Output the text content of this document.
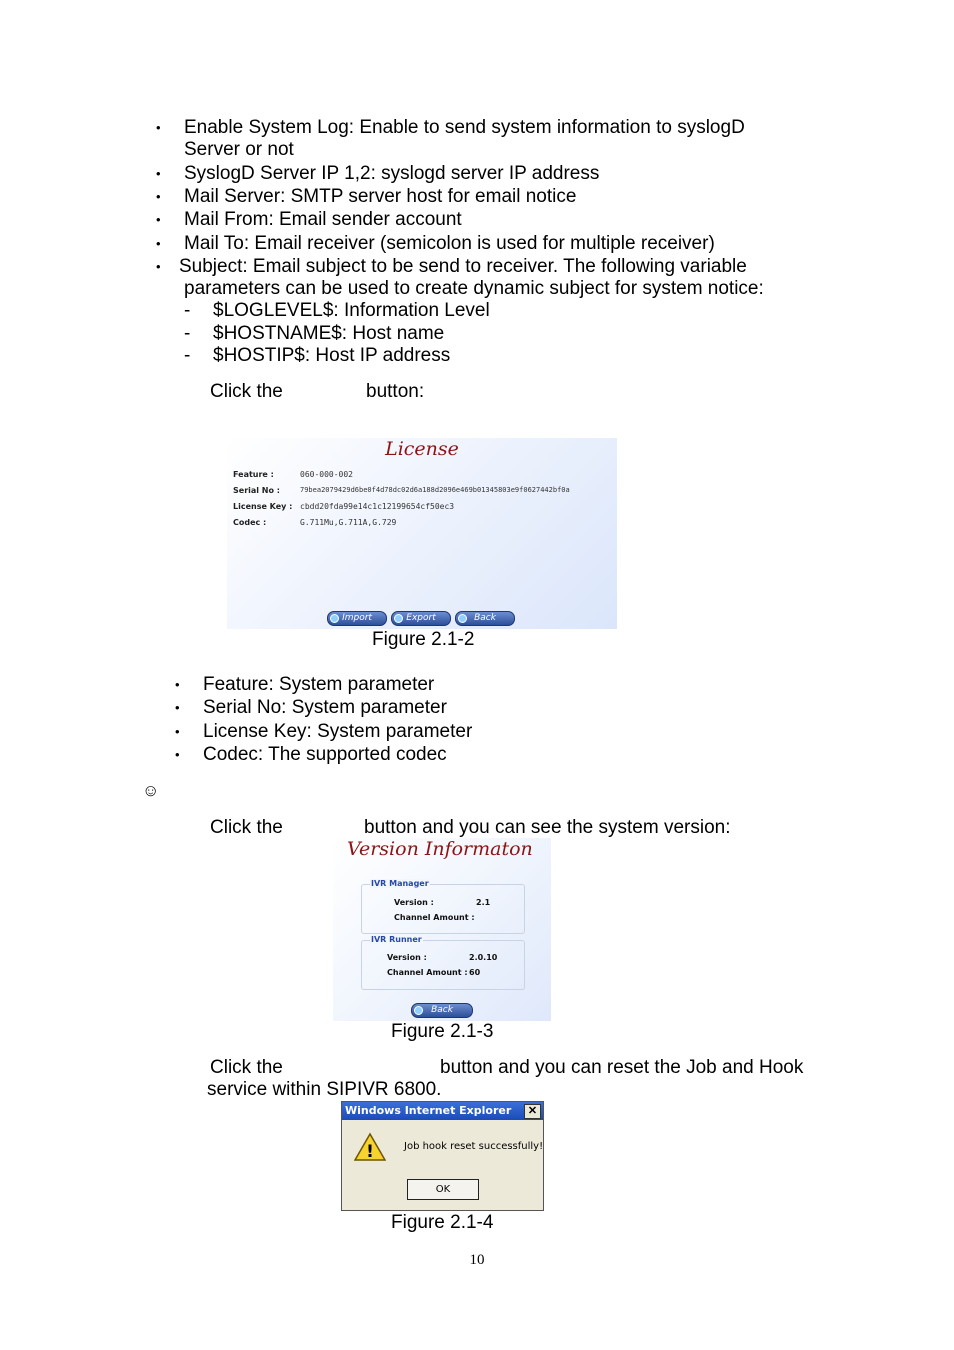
• Enable System Log: Enable to send system information to syslogD
Server or not
• SyslogD Server IP 1,2: syslogd server IP address
• Mail Server: SMTP server host for email notice
• Mail From: Email sender account
• Mail To: Email receiver (semicolon is used for multiple receiver)
• Subject: Email subject to be send to receiver. The following variable
parameters can be used to create dynamic subject for system notice:
- $LOGLEVEL$: Information Level
- $HOSTNAME$: Host name
- $HOSTIP$: Host IP address
Click the	button:
License
Feature :	060-000-002
Serial No :	79bea2079429d6be0f4d78dc02d6a188d2096e469b01345803e9f0627442bf0a
License Key : cbdd20fda99e14c1c12199654cf50ec3
Codec :	G.711Mu,G.711A,G.729
Import	Export	Back
Figure 2.1-2
• Feature: System parameter
• Serial No: System parameter
• License Key: System parameter
• Codec: The supported codec
☺
Click the	button and you can see the system version:
Version Informaton
IVR Manager
Version :	2.1
Channel Amount :
IVR Runner
Version :	2.0.10
Channel Amount : 60
Back
Figure 2.1-3
Click the	button and you can reset the Job and Hook
service within SIPIVR 6800.
Windows Internet Explorer	✕
!	Job hook reset successfully!
OK
Figure 2.1-4
10
